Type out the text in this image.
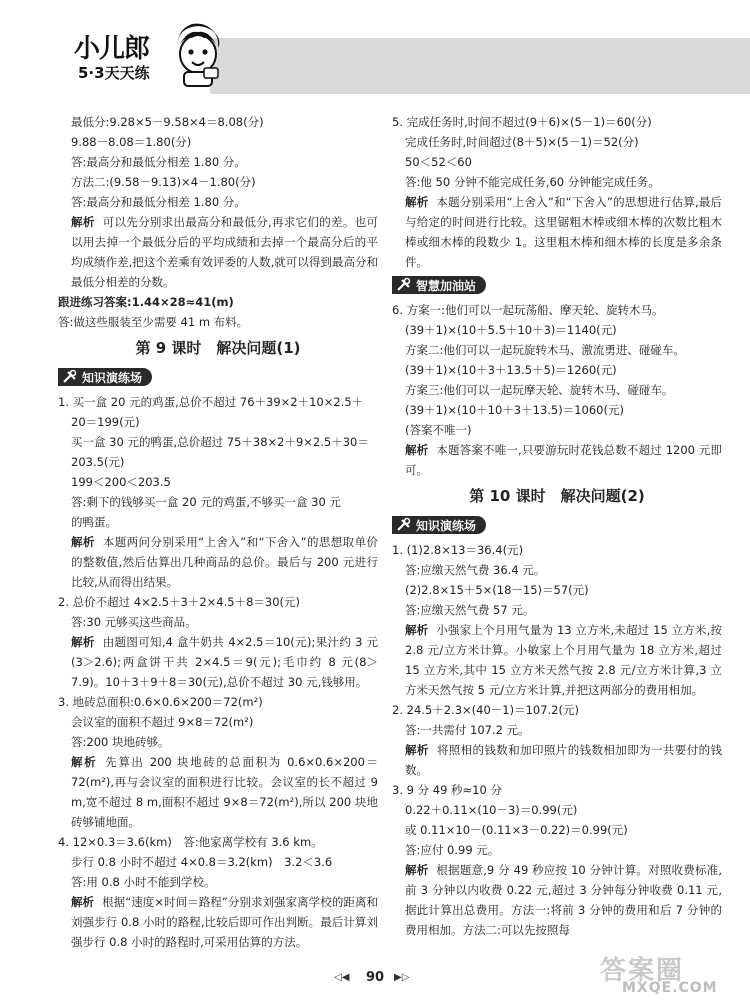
小儿郎
5·3天天练
最低分:9.28×5－9.58×4＝8.08(分)
9.88－8.08＝1.80(分)
答:最高分和最低分相差 1.80 分。
方法二:(9.58－9.13)×4－1.80(分)
答:最高分和最低分相差 1.80 分。
解析 可以先分别求出最高分和最低分,再求它们的差。也可以用去掉一个最低分后的平均成绩和去掉一个最高分后的平均成绩作差,把这个差乘有效评委的人数,就可以得到最高分和最低分相差的分数。
跟进练习答案:1.44×28≈41(m)
答:做这些服装至少需要 41 m 布料。
第 9 课时　解决问题(1)
知识演练场
1. 买一盒 20 元的鸡蛋,总价不超过 76＋39×2＋10×2.5＋
20＝199(元)
买一盒 30 元的鸭蛋,总价超过 75＋38×2＋9×2.5＋30＝
203.5(元)
199＜200＜203.5
答:剩下的钱够买一盒 20 元的鸡蛋,不够买一盒 30 元
的鸭蛋。
解析 本题两问分别采用“上舍入”和“下舍入”的思想取单价的整数值,然后估算出几种商品的总价。最后与 200 元进行比较,从而得出结果。
2. 总价不超过 4×2.5＋3＋2×4.5＋8＝30(元)
答:30 元够买这些商品。
解析 由题图可知,4 盒牛奶共 4×2.5＝10(元);果汁约 3 元(3＞2.6);两盒饼干共 2×4.5＝9(元);毛巾约 8 元(8＞7.9)。10＋3＋9＋8＝30(元),总价不超过 30 元,钱够用。
3. 地砖总面积:0.6×0.6×200＝72(m²)
会议室的面积不超过 9×8＝72(m²)
答:200 块地砖够。
解析 先算出 200 块地砖的总面积为 0.6×0.6×200＝72(m²),再与会议室的面积进行比较。会议室的长不超过 9 m,宽不超过 8 m,面积不超过 9×8＝72(m²),所以 200 块地砖够铺地面。
4. 12×0.3＝3.6(km)　答:他家离学校有 3.6 km。
步行 0.8 小时不超过 4×0.8＝3.2(km)　3.2＜3.6
答:用 0.8 小时不能到学校。
解析 根据“速度×时间＝路程”分别求刘强家离学校的距离和刘强步行 0.8 小时的路程,比较后即可作出判断。最后计算刘强步行 0.8 小时的路程时,可采用估算的方法。
5. 完成任务时,时间不超过(9＋6)×(5－1)＝60(分)
完成任务时,时间超过(8＋5)×(5－1)＝52(分)
50＜52＜60
答:他 50 分钟不能完成任务,60 分钟能完成任务。
解析 本题分别采用“上舍入”和“下舍入”的思想进行估算,最后与给定的时间进行比较。这里锯粗木棒或细木棒的次数比粗木棒或细木棒的段数少 1。这里粗木棒和细木棒的长度是多余条件。
智慧加油站
6. 方案一:他们可以一起玩荡船、摩天轮、旋转木马。
(39＋1)×(10＋5.5＋10＋3)＝1140(元)
方案二:他们可以一起玩旋转木马、激流勇进、碰碰车。
(39＋1)×(10＋3＋13.5＋5)＝1260(元)
方案三:他们可以一起玩摩天轮、旋转木马、碰碰车。
(39＋1)×(10＋10＋3＋13.5)＝1060(元)
(答案不唯一)
解析 本题答案不唯一,只要游玩时花钱总数不超过 1200 元即可。
第 10 课时　解决问题(2)
知识演练场
1. (1)2.8×13＝36.4(元)
答:应缴天然气费 36.4 元。
(2)2.8×15＋5×(18－15)＝57(元)
答:应缴天然气费 57 元。
解析 小强家上个月用气量为 13 立方米,未超过 15 立方米,按 2.8 元/立方米计算。小敏家上个月用气量为 18 立方米,超过 15 立方米,其中 15 立方米天然气按 2.8 元/立方米计算,3 立方米天然气按 5 元/立方米计算,并把这两部分的费用相加。
2. 24.5＋2.3×(40－1)＝107.2(元)
答:一共需付 107.2 元。
解析 将照相的钱数和加印照片的钱数相加即为一共要付的钱数。
3. 9 分 49 秒≈10 分
0.22＋0.11×(10－3)＝0.99(元)
或 0.11×10－(0.11×3－0.22)＝0.99(元)
答:应付 0.99 元。
解析 根据题意,9 分 49 秒应按 10 分钟计算。对照收费标准,前 3 分钟以内收费 0.22 元,超过 3 分钟每分钟收费 0.11 元,据此计算出总费用。方法一:将前 3 分钟的费用和后 7 分钟的费用相加。方法二:可以先按照每
◁◀	90 ▶▷	答案圈
MXQE.COM
